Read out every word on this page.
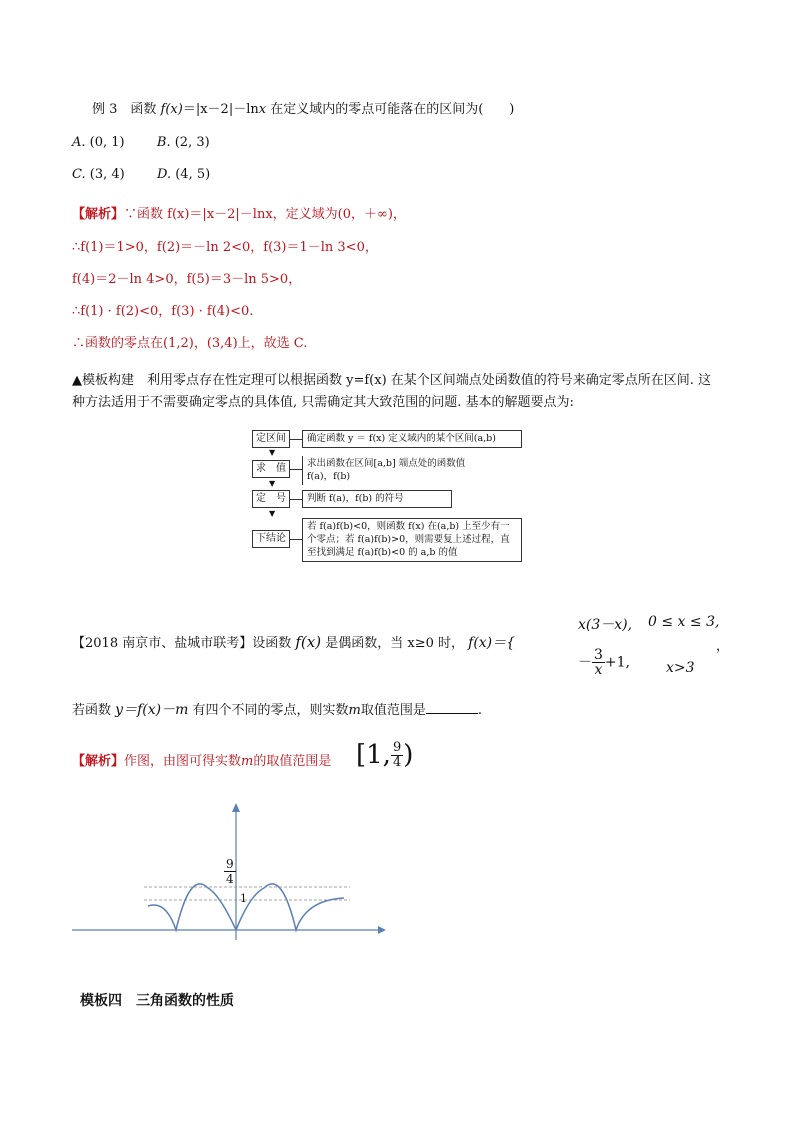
例 3　函数 f(x)＝|x－2|－lnx 在定义域内的零点可能落在的区间为(　　)
A. (0, 1) B. (2, 3)
C. (3, 4) D. (4, 5)
【解析】∵函数 f(x)＝|x－2|－lnx，定义域为(0，＋∞)，
∴f(1)＝1>0，f(2)＝－ln 2<0，f(3)＝1－ln 3<0，
f(4)＝2－ln 4>0，f(5)＝3－ln 5>0，
∴f(1) · f(2)<0，f(3) · f(4)<0.
∴函数的零点在(1,2)，(3,4)上，故选 C.
▲模板构建　利用零点存在性定理可以根据函数 y=f(x) 在某个区间端点处函数值的符号来确定零点所在区间. 这种方法适用于不需要确定零点的具体值, 只需确定其大致范围的问题. 基本的解题要点为:
定区间	确定函数 y ＝ f(x) 定义域内的某个区间(a,b)
▼
求　值	求出函数在区间[a,b] 端点处的函数值 f(a)，f(b)
▼
定　号	判断 f(a)，f(b) 的符号
▼
下结论
若 f(a)f(b)<0，则函数 f(x) 在(a,b) 上至少有一个零点；若 f(a)f(b)>0，则需要复上述过程，直至找到满足 f(a)f(b)<0 的 a,b 的值
【2018 南京市、盐城市联考】设函数 f(x) 是偶函数，当 x≥0 时， f(x)＝{
x(3－x), 0 ≤ x ≤ 3,
－ $\frac{3}{x} +1$,	x>3
，
若函数 y＝f(x)－m 有四个不同的零点，则实数m取值范围是	.
【解析】作图，由图可得实数m的取值范围是 [1, $\frac{9}{4}$ )
$\frac{9}{4}$
1
模板四　三角函数的性质
